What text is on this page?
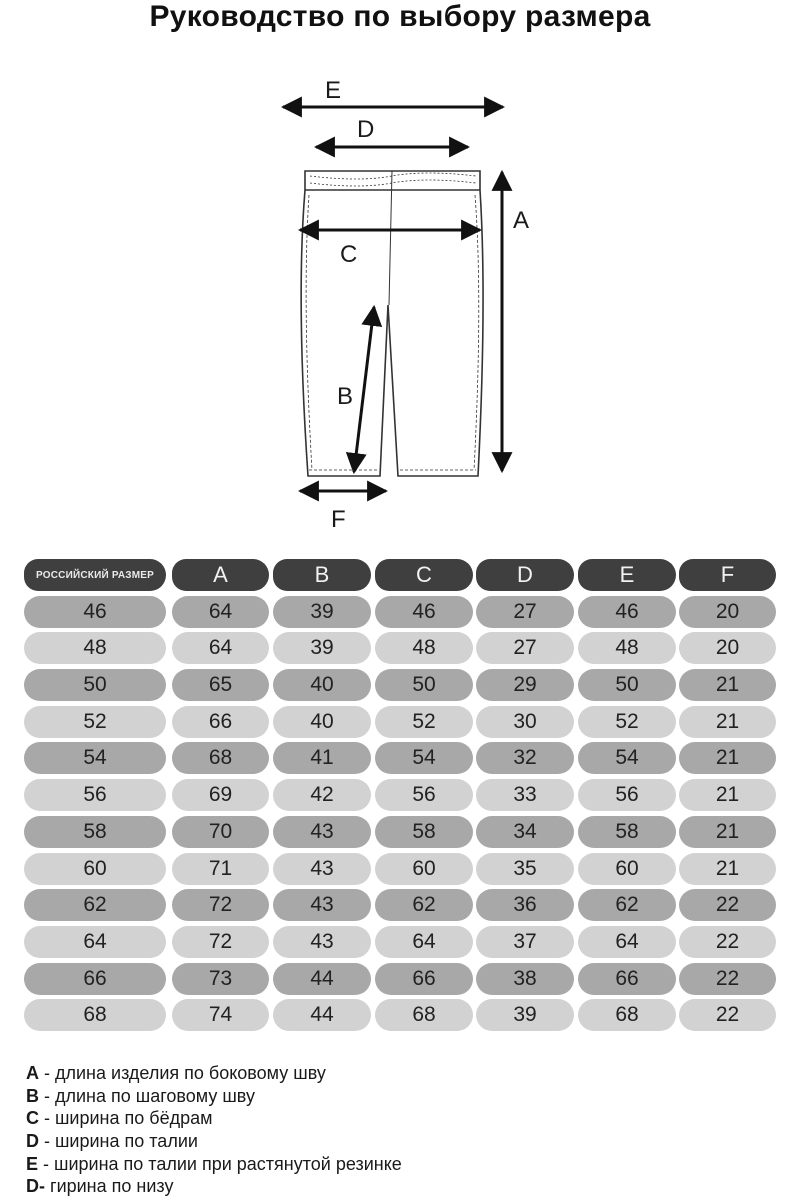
Руководство по выбору размера
E
D
C
A
B
F
РОССИЙСКИЙ РАЗМЕР	A	B	C	D	E	F
46	64	39	46	27	46	20
48	64	39	48	27	48	20
50	65	40	50	29	50	21
52	66	40	52	30	52	21
54	68	41	54	32	54	21
56	69	42	56	33	56	21
58	70	43	58	34	58	21
60	71	43	60	35	60	21
62	72	43	62	36	62	22
64	72	43	64	37	64	22
66	73	44	66	38	66	22
68	74	44	68	39	68	22
A - длина изделия по боковому шву
B - длина по шаговому шву
C - ширина по бёдрам
D - ширина по талии
E - ширина по талии при растянутой резинке
D- гирина по низу
